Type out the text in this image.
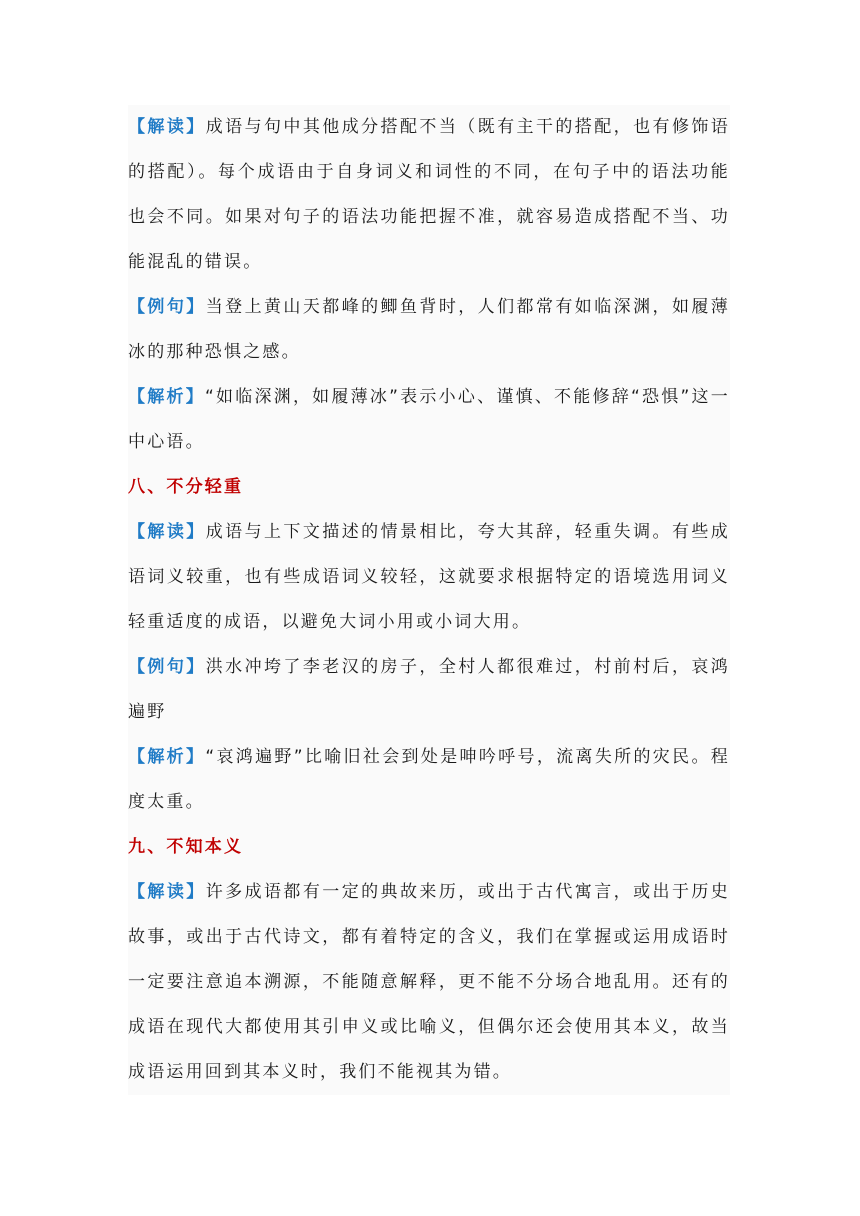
【解读】成语与句中其他成分搭配不当（既有主干的搭配，也有修饰语的搭配）。每个成语由于自身词义和词性的不同，在句子中的语法功能也会不同。如果对句子的语法功能把握不准，就容易造成搭配不当、功能混乱的错误。

【例句】当登上黄山天都峰的鲫鱼背时，人们都常有如临深渊，如履薄冰的那种恐惧之感。

【解析】“如临深渊，如履薄冰”表示小心、谨慎、不能修辞“恐惧”这一中心语。

八、不分轻重

【解读】成语与上下文描述的情景相比，夸大其辞，轻重失调。有些成语词义较重，也有些成语词义较轻，这就要求根据特定的语境选用词义轻重适度的成语，以避免大词小用或小词大用。

【例句】洪水冲垮了李老汉的房子，全村人都很难过，村前村后，哀鸿遍野

【解析】“哀鸿遍野”比喻旧社会到处是呻吟呼号，流离失所的灾民。程度太重。

九、不知本义

【解读】许多成语都有一定的典故来历，或出于古代寓言，或出于历史故事，或出于古代诗文，都有着特定的含义，我们在掌握或运用成语时一定要注意追本溯源，不能随意解释，更不能不分场合地乱用。还有的成语在现代大都使用其引申义或比喻义，但偶尔还会使用其本义，故当成语运用回到其本义时，我们不能视其为错。
